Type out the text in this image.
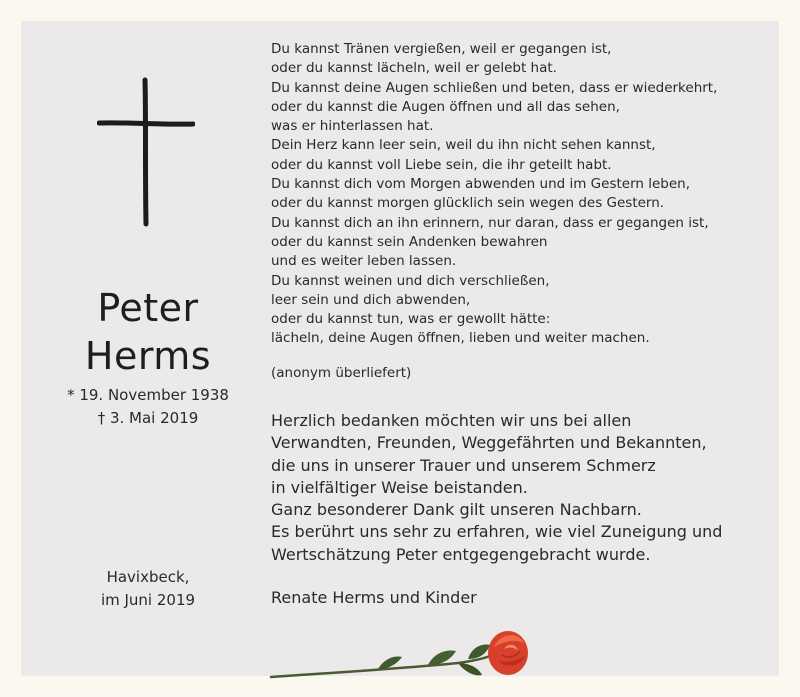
Peter
Herms
* 19. November 1938
† 3. Mai 2019
Havixbeck,
im Juni 2019
Du kannst Tränen vergießen, weil er gegangen ist,
oder du kannst lächeln, weil er gelebt hat.
Du kannst deine Augen schließen und beten, dass er wiederkehrt,
oder du kannst die Augen öffnen und all das sehen,
was er hinterlassen hat.
Dein Herz kann leer sein, weil du ihn nicht sehen kannst,
oder du kannst voll Liebe sein, die ihr geteilt habt.
Du kannst dich vom Morgen abwenden und im Gestern leben,
oder du kannst morgen glücklich sein wegen des Gestern.
Du kannst dich an ihn erinnern, nur daran, dass er gegangen ist,
oder du kannst sein Andenken bewahren
und es weiter leben lassen.
Du kannst weinen und dich verschließen,
leer sein und dich abwenden,
oder du kannst tun, was er gewollt hätte:
lächeln, deine Augen öffnen, lieben und weiter machen.
(anonym überliefert)
Herzlich bedanken möchten wir uns bei allen
Verwandten, Freunden, Weggefährten und Bekannten,
die uns in unserer Trauer und unserem Schmerz
in vielfältiger Weise beistanden.
Ganz besonderer Dank gilt unseren Nachbarn.
Es berührt uns sehr zu erfahren, wie viel Zuneigung und
Wertschätzung Peter entgegengebracht wurde.
Renate Herms und Kinder
